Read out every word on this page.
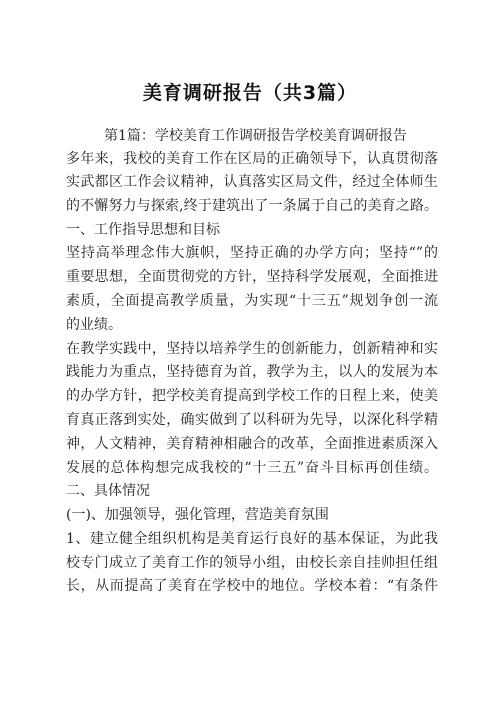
美育调研报告（共3篇）
第1篇：学校美育工作调研报告学校美育调研报告
多年来，我校的美育工作在区局的正确领导下，认真贯彻落
实武都区工作会议精神，认真落实区局文件，经过全体师生
的不懈努力与探索,终于建筑出了一条属于自己的美育之路。
一、工作指导思想和目标
坚持高举理念伟大旗帜，坚持正确的办学方向；坚持“”的
重要思想，全面贯彻党的方针，坚持科学发展观，全面推进
素质，全面提高教学质量，为实现“十三五”规划争创一流
的业绩。
在教学实践中，坚持以培养学生的创新能力，创新精神和实
践能力为重点，坚持德育为首，教学为主，以人的发展为本
的办学方针，把学校美育提高到学校工作的日程上来，使美
育真正落到实处，确实做到了以科研为先导，以深化科学精
神，人文精神，美育精神相融合的改革，全面推进素质深入
发展的总体构想完成我校的“十三五”奋斗目标再创佳绩。
二、具体情况
(一)、加强领导，强化管理，营造美育氛围
1、建立健全组织机构是美育运行良好的基本保证，为此我
校专门成立了美育工作的领导小组，由校长亲自挂帅担任组
长，从而提高了美育在学校中的地位。学校本着：“有条件
